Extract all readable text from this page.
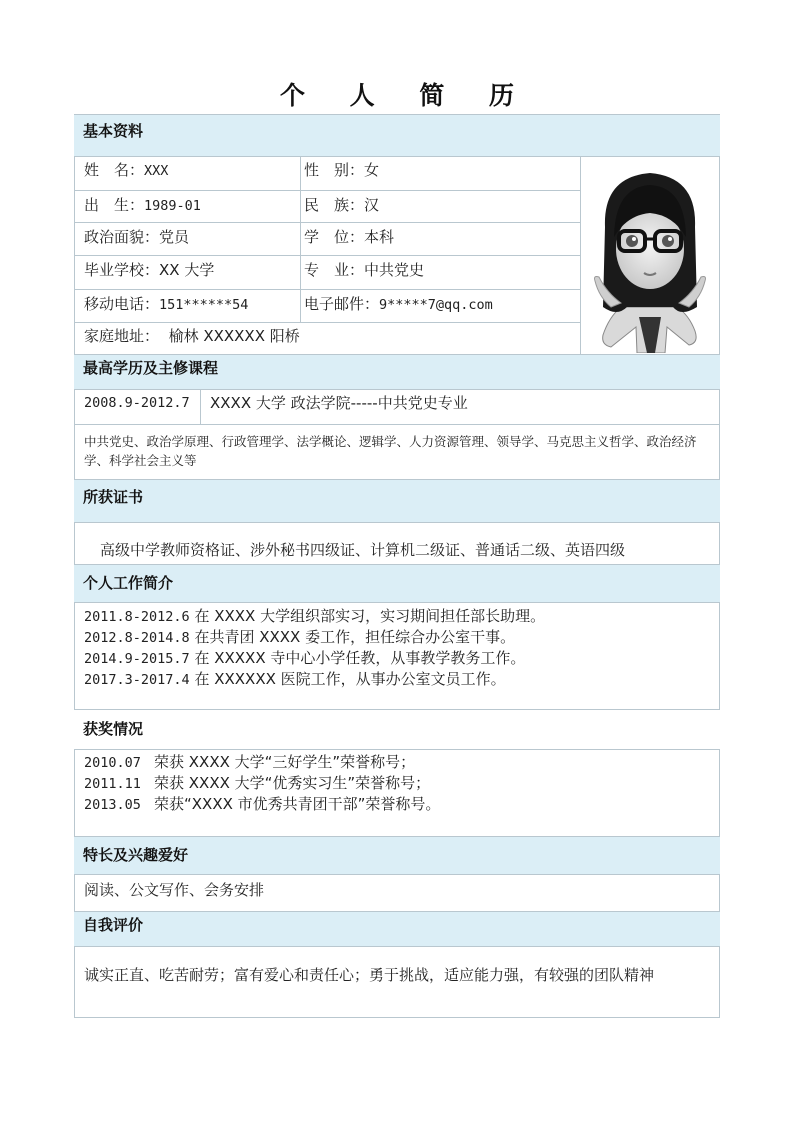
个 人 简 历
基本资料
姓　名：XXX	性　别：女
出　生：1989-01	民　族：汉
政治面貌：党员	学　位：本科
毕业学校：XX 大学	专　业：中共党史
移动电话：151******54	电子邮件：9*****7@qq.com
家庭地址： 榆林 XXXXXX 阳桥
最高学历及主修课程
2008.9-2012.7 XXXX 大学 政法学院-----中共党史专业
中共党史、政治学原理、行政管理学、法学概论、逻辑学、人力资源管理、领导学、马克思主义哲学、政治经济学、科学社会主义等
所获证书
高级中学教师资格证、涉外秘书四级证、计算机二级证、普通话二级、英语四级
个人工作简介
2011.8-2012.6 在 XXXX 大学组织部实习，实习期间担任部长助理。
2012.8-2014.8 在共青团 XXXX 委工作，担任综合办公室干事。
2014.9-2015.7 在 XXXXX 寺中心小学任教，从事教学教务工作。
2017.3-2017.4 在 XXXXXX 医院工作，从事办公室文员工作。
获奖情况
2010.07 荣获 XXXX 大学“三好学生”荣誉称号；
2011.11 荣获 XXXX 大学“优秀实习生”荣誉称号；
2013.05 荣获“XXXX 市优秀共青团干部”荣誉称号。
特长及兴趣爱好
阅读、公文写作、会务安排
自我评价
诚实正直、吃苦耐劳；富有爱心和责任心；勇于挑战，适应能力强，有较强的团队精神
